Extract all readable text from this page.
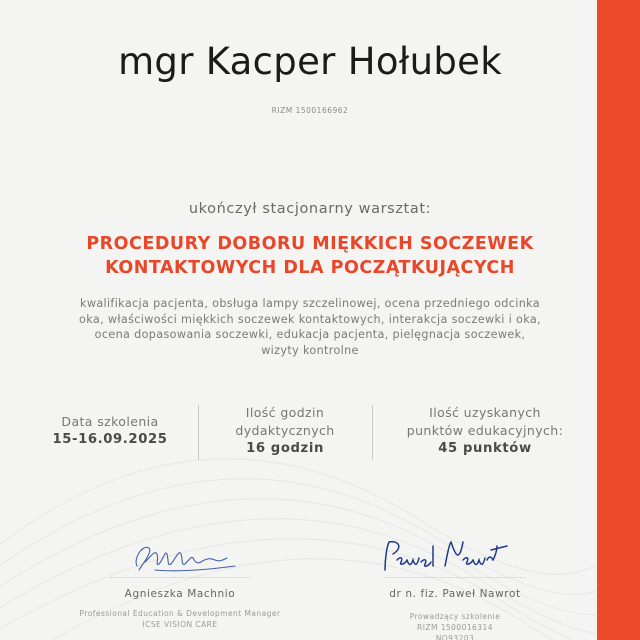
mgr Kacper Hołubek
RIZM 1500166962
ukończył stacjonarny warsztat:
PROCEDURY DOBORU MIĘKKICH SOCZEWEK
KONTAKTOWYCH DLA POCZĄTKUJĄCYCH
kwalifikacja pacjenta, obsługa lampy szczelinowej, ocena przedniego odcinka
oka, właściwości miękkich soczewek kontaktowych, interakcja soczewki i oka,
ocena dopasowania soczewki, edukacja pacjenta, pielęgnacja soczewek,
wizyty kontrolne
Data szkolenia
15-16.09.2025
Ilość godzin
dydaktycznych
16 godzin
Ilość uzyskanych
punktów edukacyjnych:
45 punktów
Agnieszka Machnio
Professional Education & Development Manager
ICSE VISION CARE
dr n. fiz. Paweł Nawrot
Prowadzący szkolenie
RIZM 1500016314
NO93203
